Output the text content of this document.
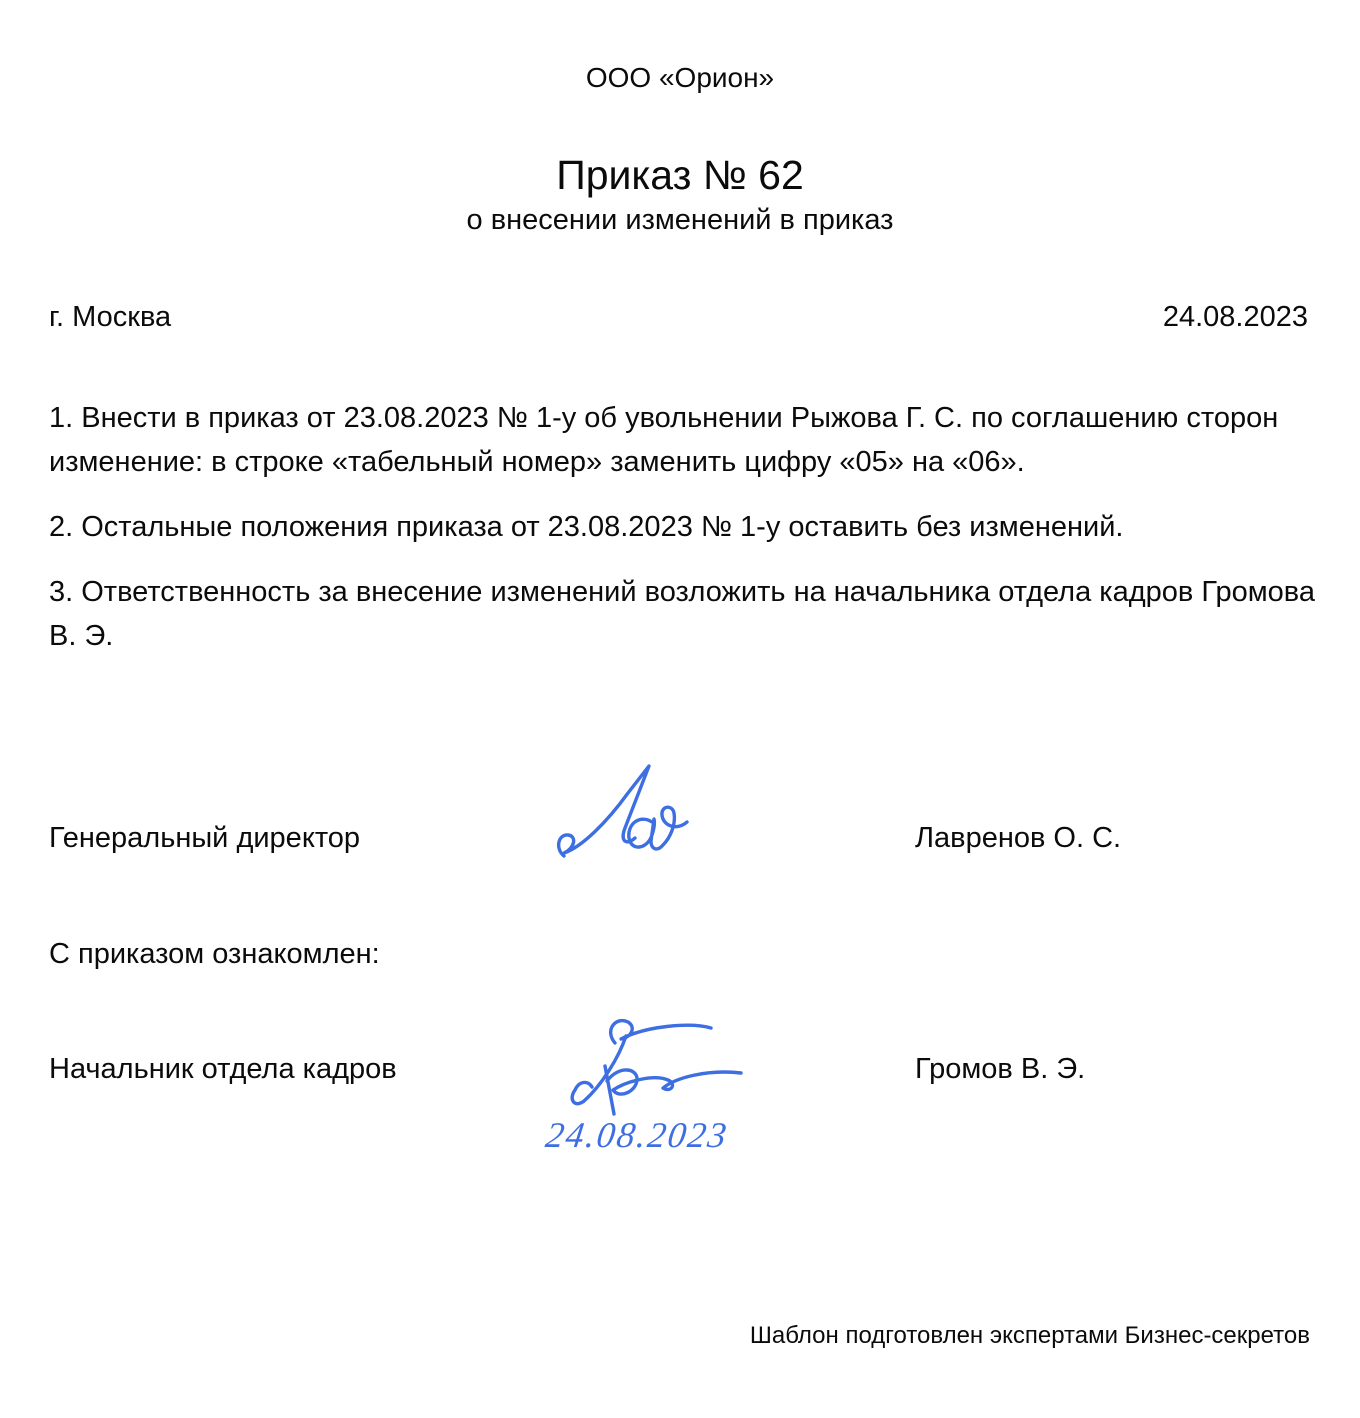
ООО «Орион»
Приказ № 62
о внесении изменений в приказ
г. Москва	24.08.2023
1. Внести в приказ от 23.08.2023 № 1-у об увольнении Рыжова Г. С. по соглашению сторон изменение: в строке «табельный номер» заменить цифру «05» на «06».
2. Остальные положения приказа от 23.08.2023 № 1-у оставить без изменений.
3. Ответственность за внесение изменений возложить на начальника отдела кадров Громова В. Э.
Генеральный директор	Лавренов О. С.
С приказом ознакомлен:
Начальник отдела кадров
24.08.2023
Громов В. Э.
Шаблон подготовлен экспертами Бизнес-секретов
